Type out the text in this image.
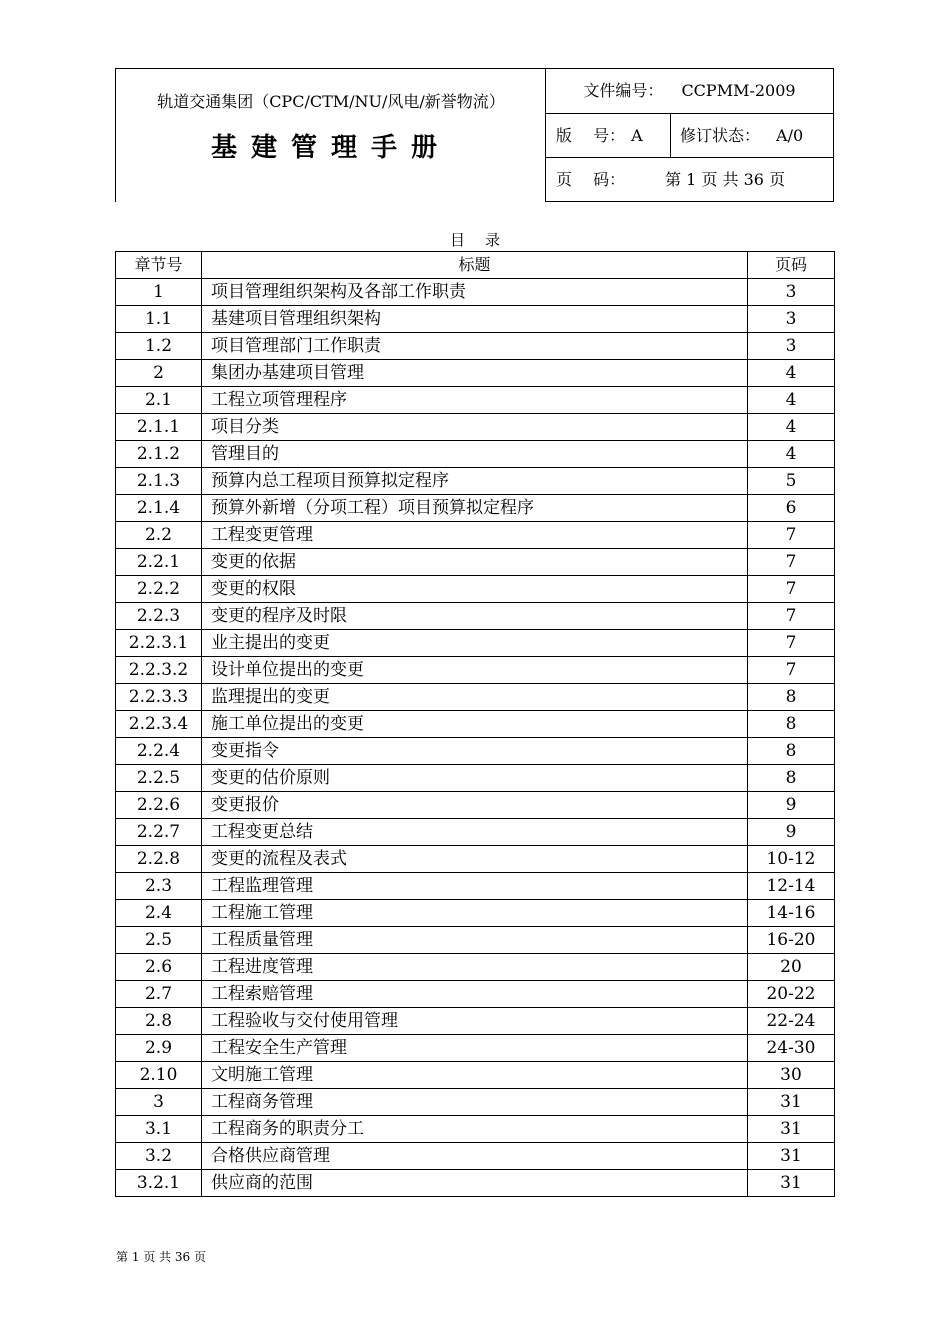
轨道交通集团（CPC/CTM/NU/风电/新誉物流）
基建管理手册
文件编号： CCPMM-2009
版　 号： A 修订状态： A/0
页　 码：	第 1 页 共 36 页
目录
章节号	标题	页码
1	项目管理组织架构及各部工作职责	3
1.1	基建项目管理组织架构	3
1.2	项目管理部门工作职责	3
2	集团办基建项目管理	4
2.1	工程立项管理程序	4
2.1.1	项目分类	4
2.1.2	管理目的	4
2.1.3	预算内总工程项目预算拟定程序	5
2.1.4	预算外新增（分项工程）项目预算拟定程序	6
2.2	工程变更管理	7
2.2.1	变更的依据	7
2.2.2	变更的权限	7
2.2.3	变更的程序及时限	7
2.2.3.1	业主提出的变更	7
2.2.3.2	设计单位提出的变更	7
2.2.3.3	监理提出的变更	8
2.2.3.4	施工单位提出的变更	8
2.2.4	变更指令	8
2.2.5	变更的估价原则	8
2.2.6	变更报价	9
2.2.7	工程变更总结	9
2.2.8	变更的流程及表式	10-12
2.3	工程监理管理	12-14
2.4	工程施工管理	14-16
2.5	工程质量管理	16-20
2.6	工程进度管理	20
2.7	工程索赔管理	20-22
2.8	工程验收与交付使用管理	22-24
2.9	工程安全生产管理	24-30
2.10	文明施工管理	30
3	工程商务管理	31
3.1	工程商务的职责分工	31
3.2	合格供应商管理	31
3.2.1	供应商的范围	31
第 1 页 共 36 页
